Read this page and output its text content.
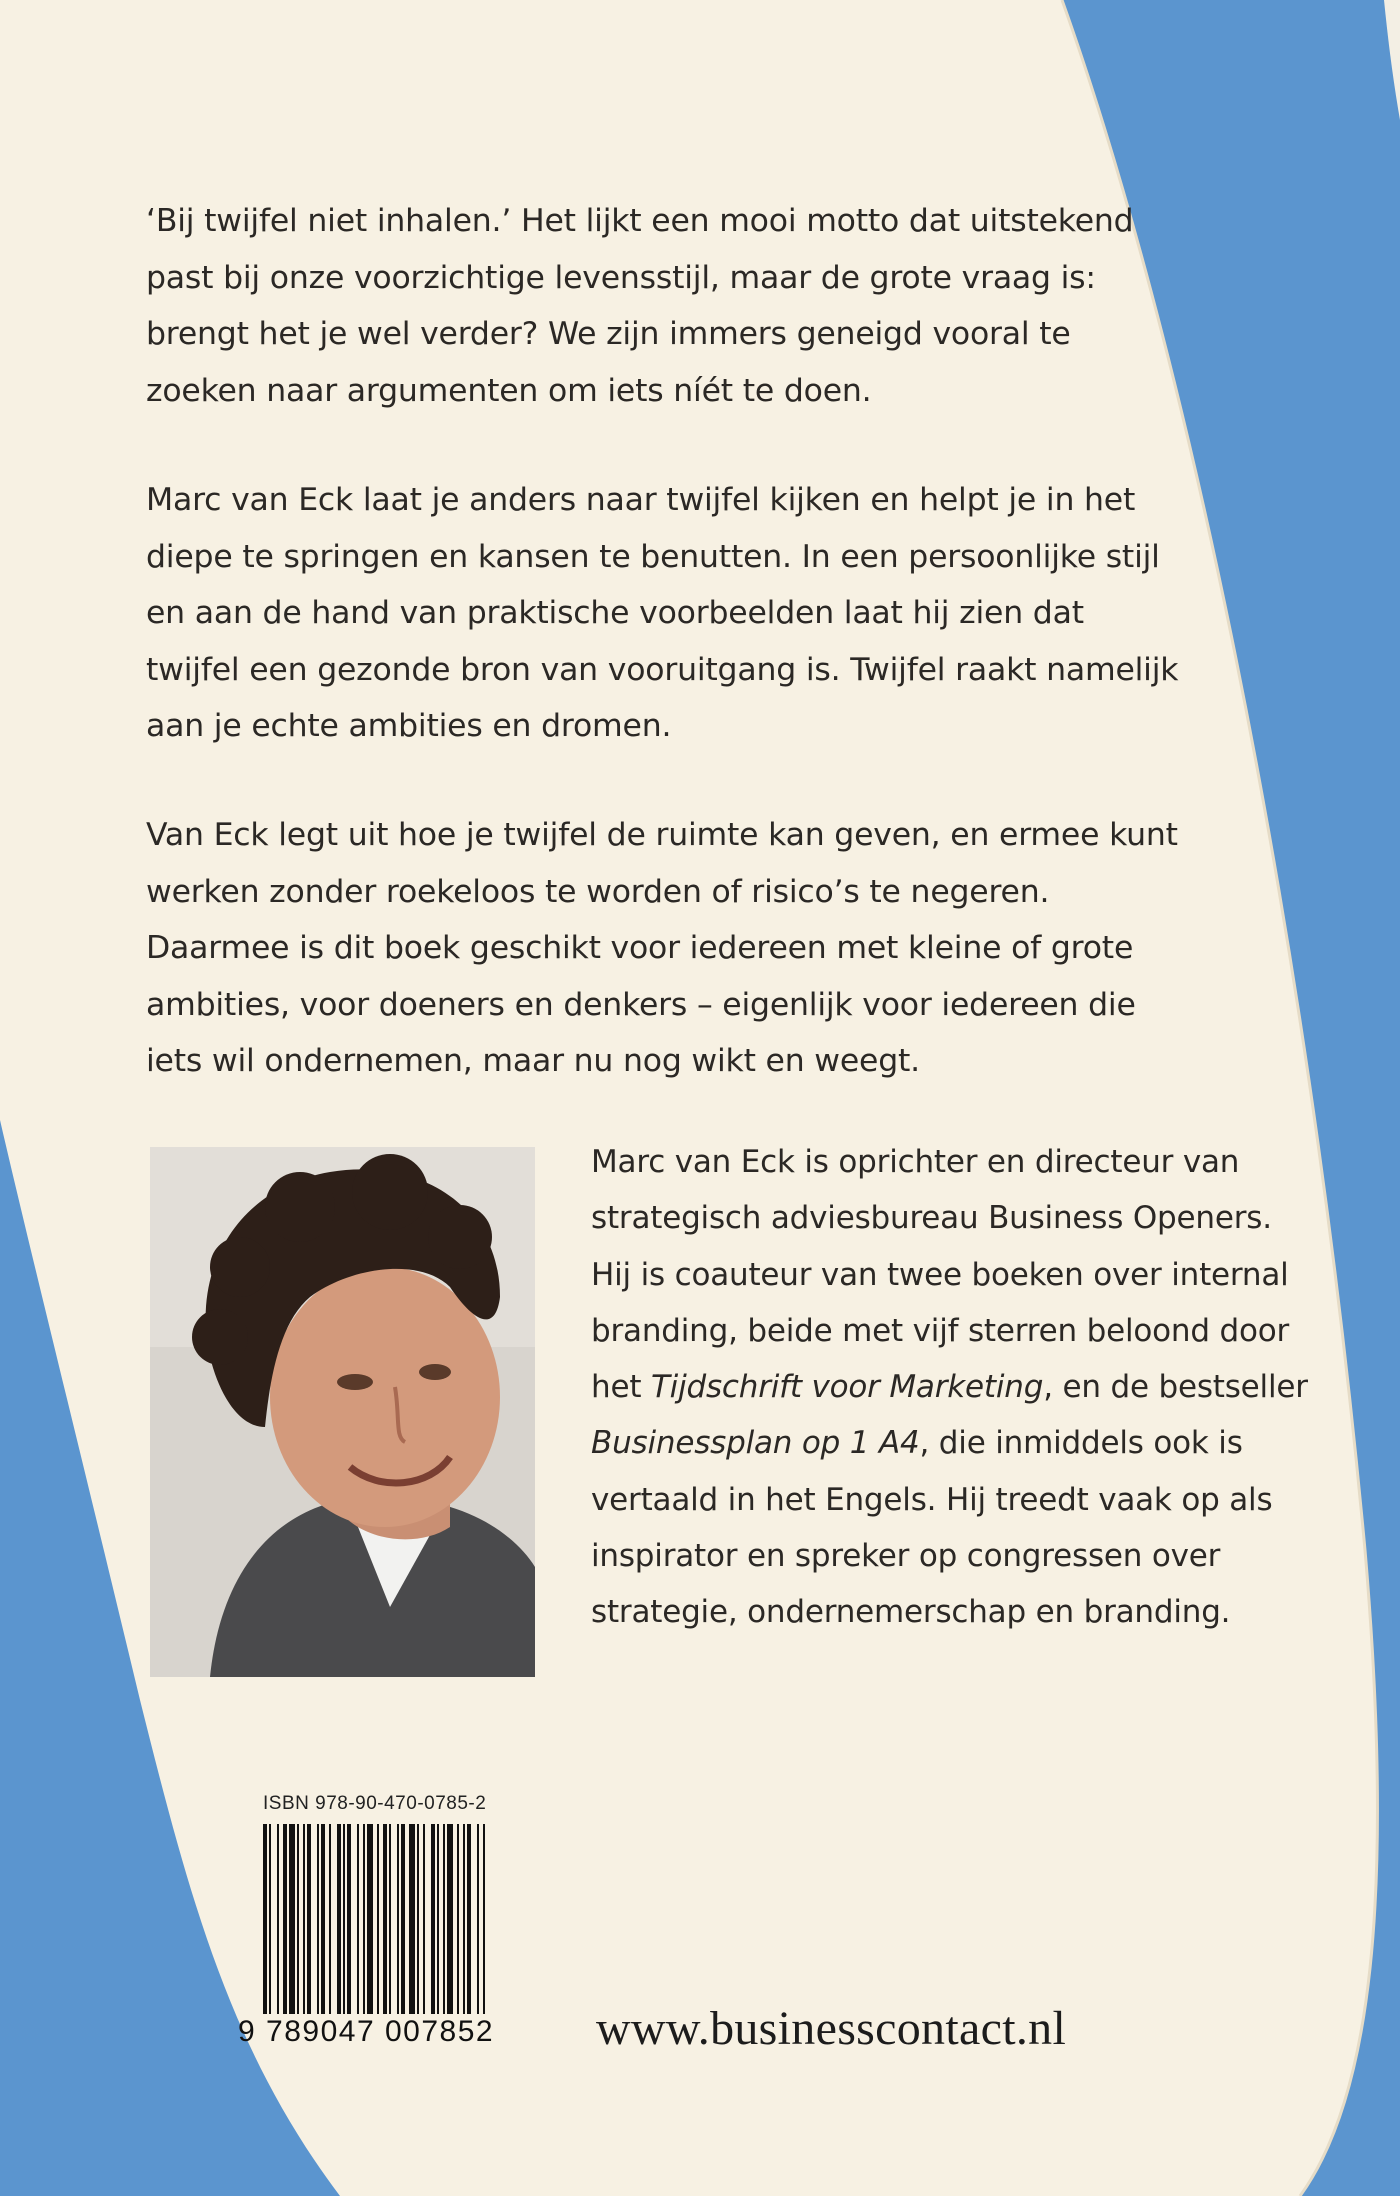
‘Bij twijfel niet inhalen.’ Het lijkt een mooi motto dat uitstekend past bij onze voorzichtige levensstijl, maar de grote vraag is: brengt het je wel verder? We zijn immers geneigd vooral te zoeken naar argumenten om iets níét te doen.

Marc van Eck laat je anders naar twijfel kijken en helpt je in het diepe te springen en kansen te benutten. In een persoonlijke stijl en aan de hand van praktische voorbeelden laat hij zien dat twijfel een gezonde bron van vooruitgang is. Twijfel raakt namelijk aan je echte ambities en dromen.

Van Eck legt uit hoe je twijfel de ruimte kan geven, en ermee kunt werken zonder roekeloos te worden of risico’s te negeren. Daarmee is dit boek geschikt voor iedereen met kleine of grote ambities, voor doeners en denkers – eigenlijk voor iedereen die iets wil ondernemen, maar nu nog wikt en weegt.

Marc van Eck is oprichter en directeur van strategisch adviesbureau Business Openers. Hij is coauteur van twee boeken over internal branding, beide met vijf sterren beloond door het Tijdschrift voor Marketing, en de bestseller Businessplan op 1 A4, die inmiddels ook is vertaald in het Engels. Hij treedt vaak op als inspirator en spreker op congressen over strategie, ondernemerschap en branding.

ISBN 978-90-470-0785-2
9 789047 007852	www.businesscontact.nl
